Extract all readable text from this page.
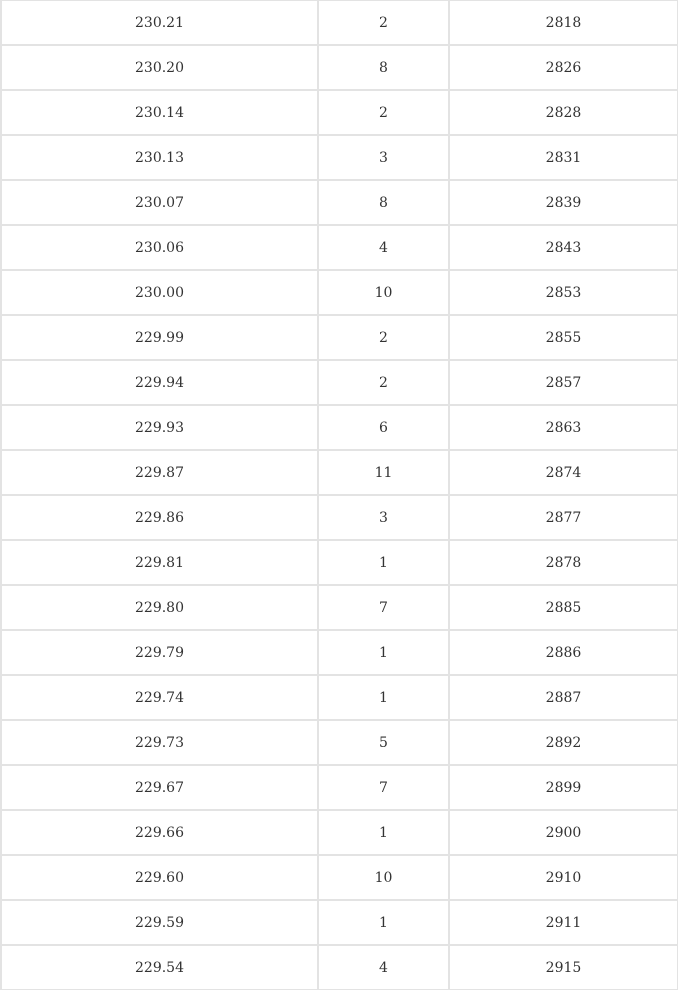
230.21	2	2818
230.20	8	2826
230.14	2	2828
230.13	3	2831
230.07	8	2839
230.06	4	2843
230.00	10	2853
229.99	2	2855
229.94	2	2857
229.93	6	2863
229.87	11	2874
229.86	3	2877
229.81	1	2878
229.80	7	2885
229.79	1	2886
229.74	1	2887
229.73	5	2892
229.67	7	2899
229.66	1	2900
229.60	10	2910
229.59	1	2911
229.54	4	2915
